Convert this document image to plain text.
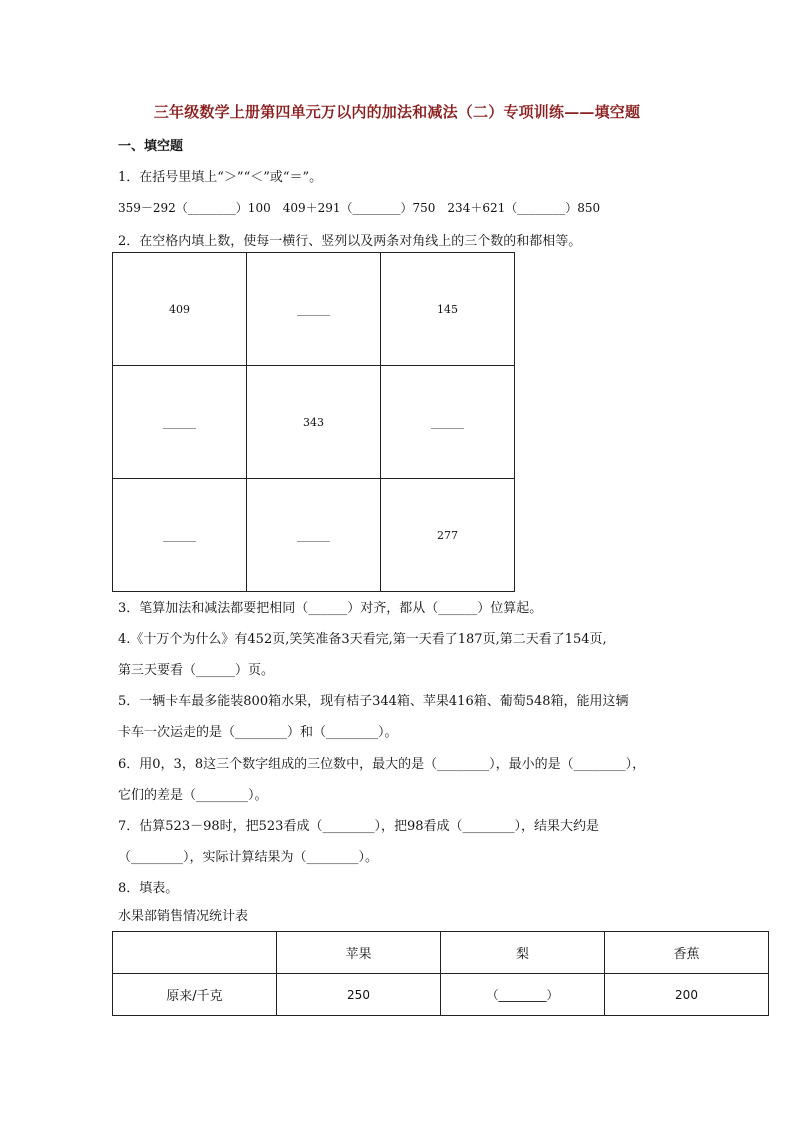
三年级数学上册第四单元万以内的加法和减法（二）专项训练——填空题
一、填空题
1．在括号里填上“＞”“＜”或“＝”。
359－292（________）100　409＋291（________）750　234＋621（________）850
2．在空格内填上数，使每一横行、竖列以及两条对角线上的三个数的和都相等。
409	______	145
______	343	______
______	______	277
3．笔算加法和减法都要把相同（______）对齐，都从（______）位算起。
4.《十万个为什么》有452页,笑笑准备3天看完,第一天看了187页,第二天看了154页,
第三天要看（______）页。
5．一辆卡车最多能装800箱水果，现有桔子344箱、苹果416箱、葡萄548箱，能用这辆
卡车一次运走的是（________）和（________）。
6．用0，3，8这三个数字组成的三位数中，最大的是（________），最小的是（________），
它们的差是（________）。
7．估算523－98时，把523看成（________），把98看成（________），结果大约是
（________），实际计算结果为（________）。
8．填表。
水果部销售情况统计表
	苹果	梨	香蕉
原来/千克	250	（________）	200
